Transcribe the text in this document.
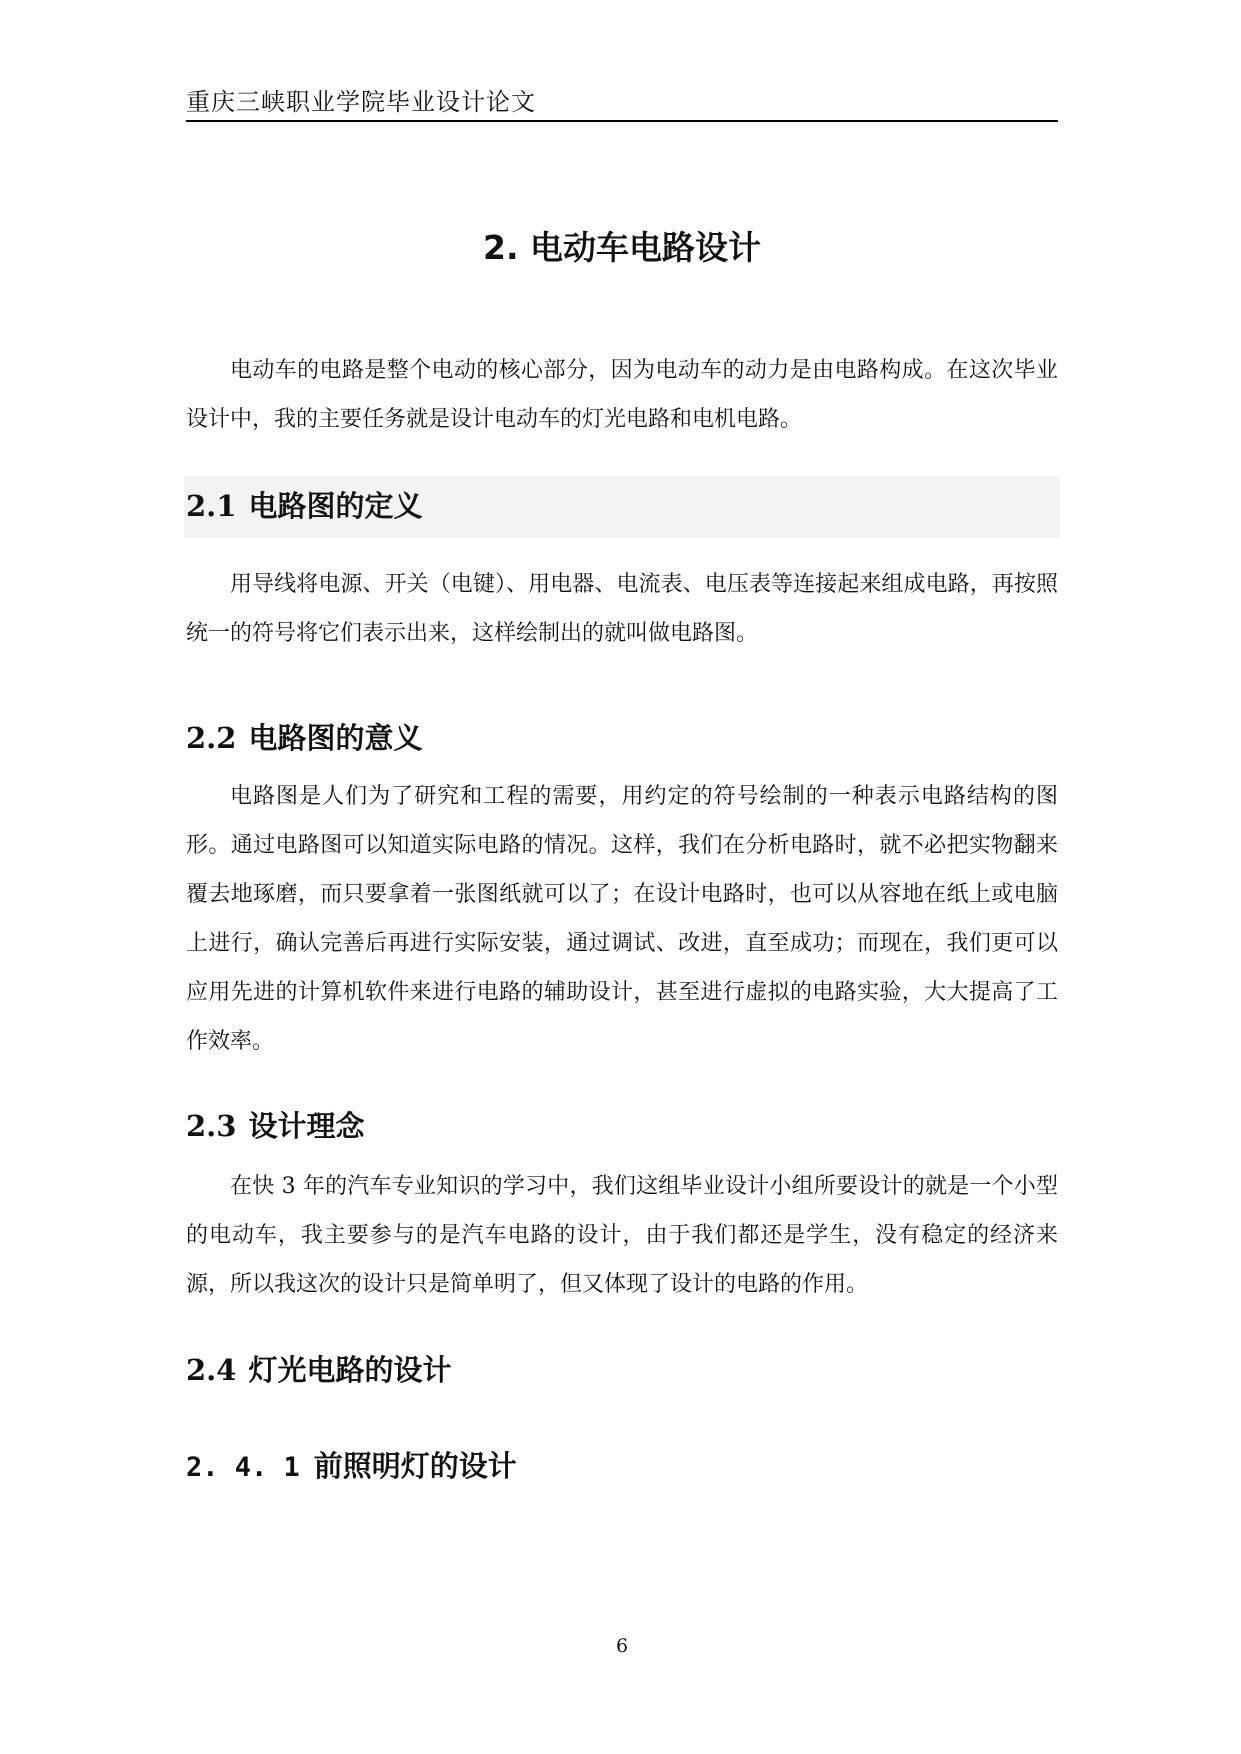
重庆三峡职业学院毕业设计论文
2. 电动车电路设计

电动车的电路是整个电动的核心部分，因为电动车的动力是由电路构成。在这次毕业设计中，我的主要任务就是设计电动车的灯光电路和电机电路。

2.1 电路图的定义

用导线将电源、开关（电键）、用电器、电流表、电压表等连接起来组成电路，再按照统一的符号将它们表示出来，这样绘制出的就叫做电路图。

2.2 电路图的意义

电路图是人们为了研究和工程的需要，用约定的符号绘制的一种表示电路结构的图形。通过电路图可以知道实际电路的情况。这样，我们在分析电路时，就不必把实物翻来覆去地琢磨，而只要拿着一张图纸就可以了；在设计电路时，也可以从容地在纸上或电脑上进行，确认完善后再进行实际安装，通过调试、改进，直至成功；而现在，我们更可以应用先进的计算机软件来进行电路的辅助设计，甚至进行虚拟的电路实验，大大提高了工作效率。

2.3 设计理念

在快 3 年的汽车专业知识的学习中，我们这组毕业设计小组所要设计的就是一个小型的电动车，我主要参与的是汽车电路的设计，由于我们都还是学生，没有稳定的经济来源，所以我这次的设计只是简单明了，但又体现了设计的电路的作用。

2.4 灯光电路的设计
2. 4. 1 前照明灯的设计
6
